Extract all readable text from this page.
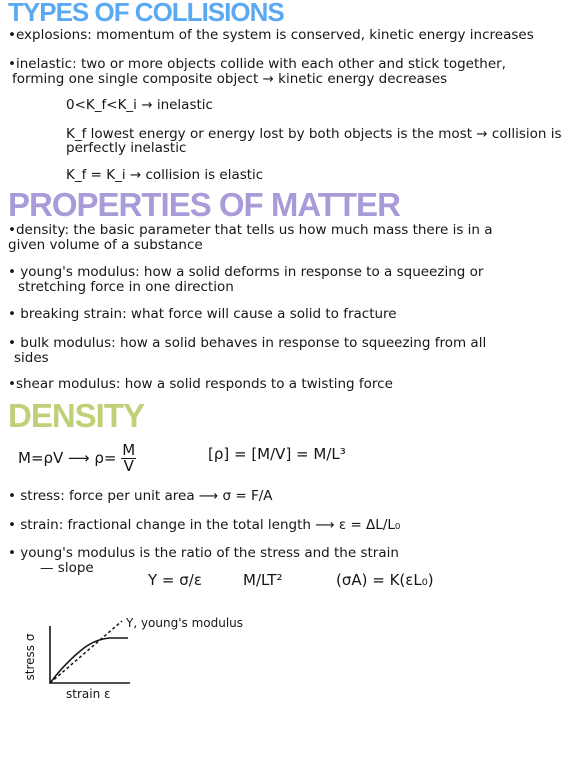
TYPES OF COLLISIONS
•explosions: momentum of the system is conserved, kinetic energy increases
•inelastic: two or more objects collide with each other and stick together,
forming one single composite object → kinetic energy decreases
0<K_f<K_i → inelastic
K_f lowest energy or energy lost by both objects is the most → collision is
perfectly inelastic
K_f = K_i → collision is elastic
PROPERTIES OF MATTER
•density: the basic parameter that tells us how much mass there is in a
given volume of a substance
• young's modulus: how a solid deforms in response to a squeezing or
stretching force in one direction
• breaking strain: what force will cause a solid to fracture
• bulk modulus: how a solid behaves in response to squeezing from all
sides
•shear modulus: how a solid responds to a twisting force
DENSITY
M=ρV ⟶ $\rho= \frac{M}{V}$	[ρ] = [M/V] = M/L³
• stress: force per unit area ⟶ σ = F/A
• strain: fractional change in the total length ⟶ ε = ΔL/L₀
• young's modulus is the ratio of the stress and the strain
— slope
Y = σ/ε	M/LT²	(σA) = K(εL₀)
stress σ
strain ε
Y, young's modulus
